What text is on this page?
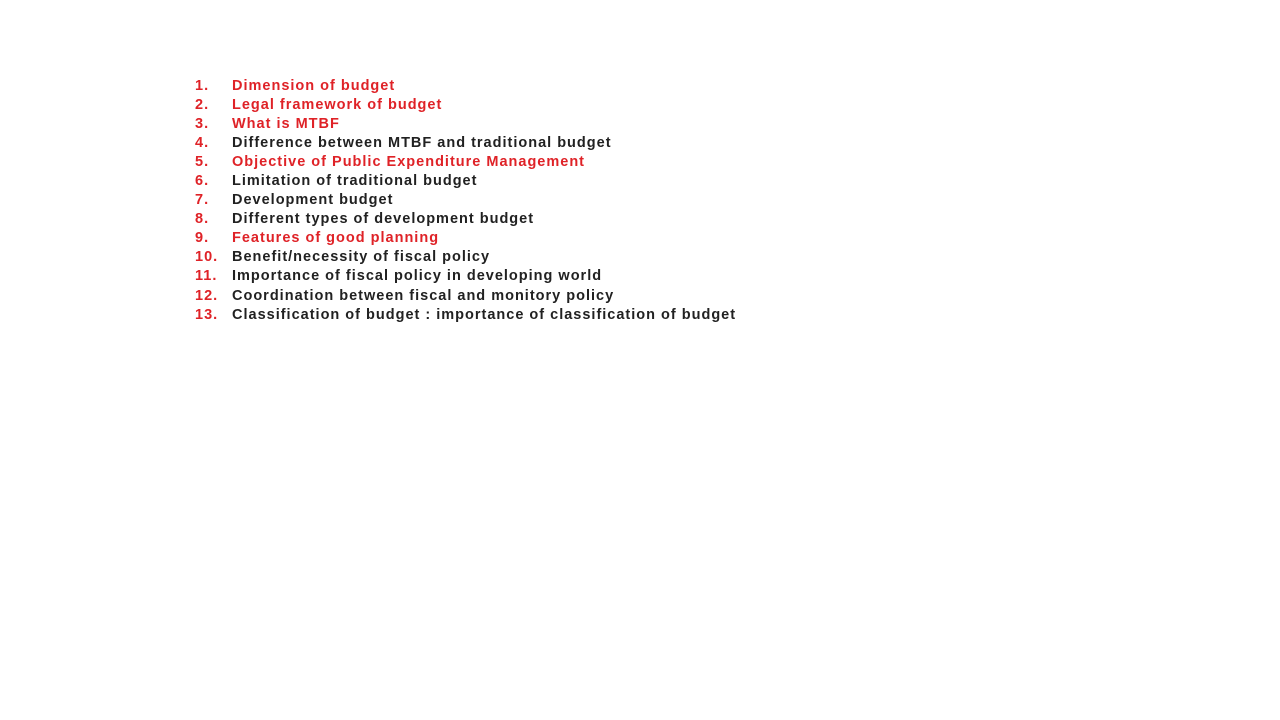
1.	Dimension of budget
2.	Legal framework of budget
3.	What is MTBF
4.	Difference between MTBF and traditional budget
5.	Objective of Public Expenditure Management
6.	Limitation of traditional budget
7.	Development budget
8.	Different types of development budget
9.	Features of good planning
10. Benefit/necessity of fiscal policy
11.	Importance of fiscal policy in developing world
12. Coordination between fiscal and monitory policy
13. Classification of budget : importance of classification of budget
